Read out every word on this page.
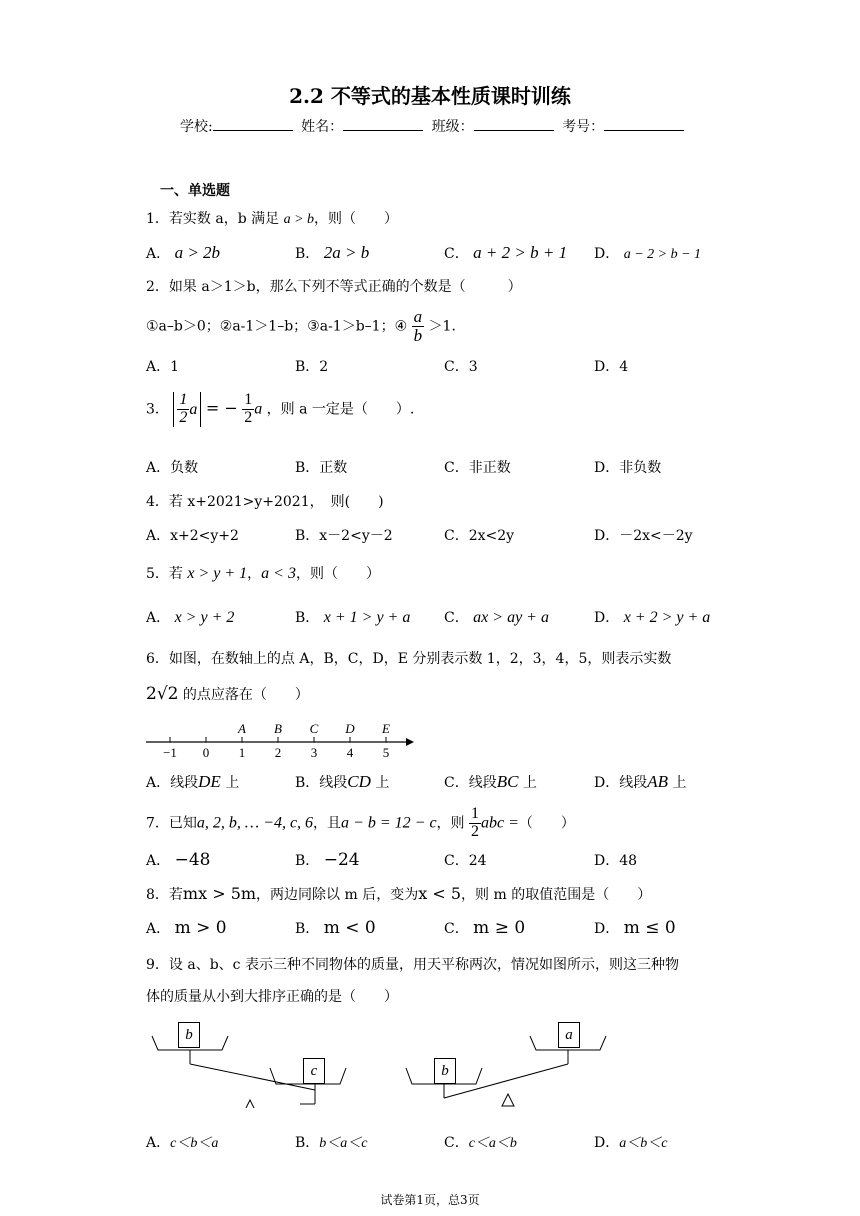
2.2 不等式的基本性质课时训练
学校:	姓名：	班级：	考号：
一、单选题
1．若实数 a，b 满足 a > b，则（　　）
A． a > 2b	B． 2a > b	C． a + 2 > b + 1 D． a − 2 > b − 1
2．如果 a＞1＞b，那么下列不等式正确的个数是（　　　）
①a–b＞0；②a-1＞1–b；③a-1＞b–1；④ $\frac{a}{b} >1$．
A．1	B．2	C．3	D．4
3． $\frac{1}{2}$ a = − $\frac{1}{2}$ a ，则 a 一定是（　　）.
A．负数	B．正数	C．非正数	D．非负数
4．若 x+2021>y+2021，　则(　　)
A．x+2<y+2	B．x－2<y－2	C．2x<2y	D．－2x<－2y
5．若 x > y + 1，a < 3，则（　　）
A． x > y + 2	B． x + 1 > y + a C． ax > ay + a	D． x + 2 > y + a
6．如图，在数轴上的点 A，B，C，D，E 分别表示数 1，2，3，4，5，则表示实数
2√2 的点应落在（　　）
−1 0 1 2 3 4 5
A B C D E
A．线段DE 上	B．线段CD 上	C．线段BC 上	D．线段AB 上
7．已知a, 2, b, … −4, c, 6，且a − b = 12 − c，则 $\frac{1}{2}$ abc =（　　）
A． −48	B． −24	C．24	D．48
8．若mx > 5m，两边同除以 m 后，变为x < 5，则 m 的取值范围是（　　）
A． m > 0	B． m < 0	C． m ≥ 0	D． m ≤ 0
9．设 a、b、c 表示三种不同物体的质量，用天平称两次，情况如图所示，则这三种物
体的质量从小到大排序正确的是（　　）
b
c	b
a
A．c＜b＜a	B．b＜a＜c	C．c＜a＜b	D．a＜b＜c
试卷第1页，总3页
